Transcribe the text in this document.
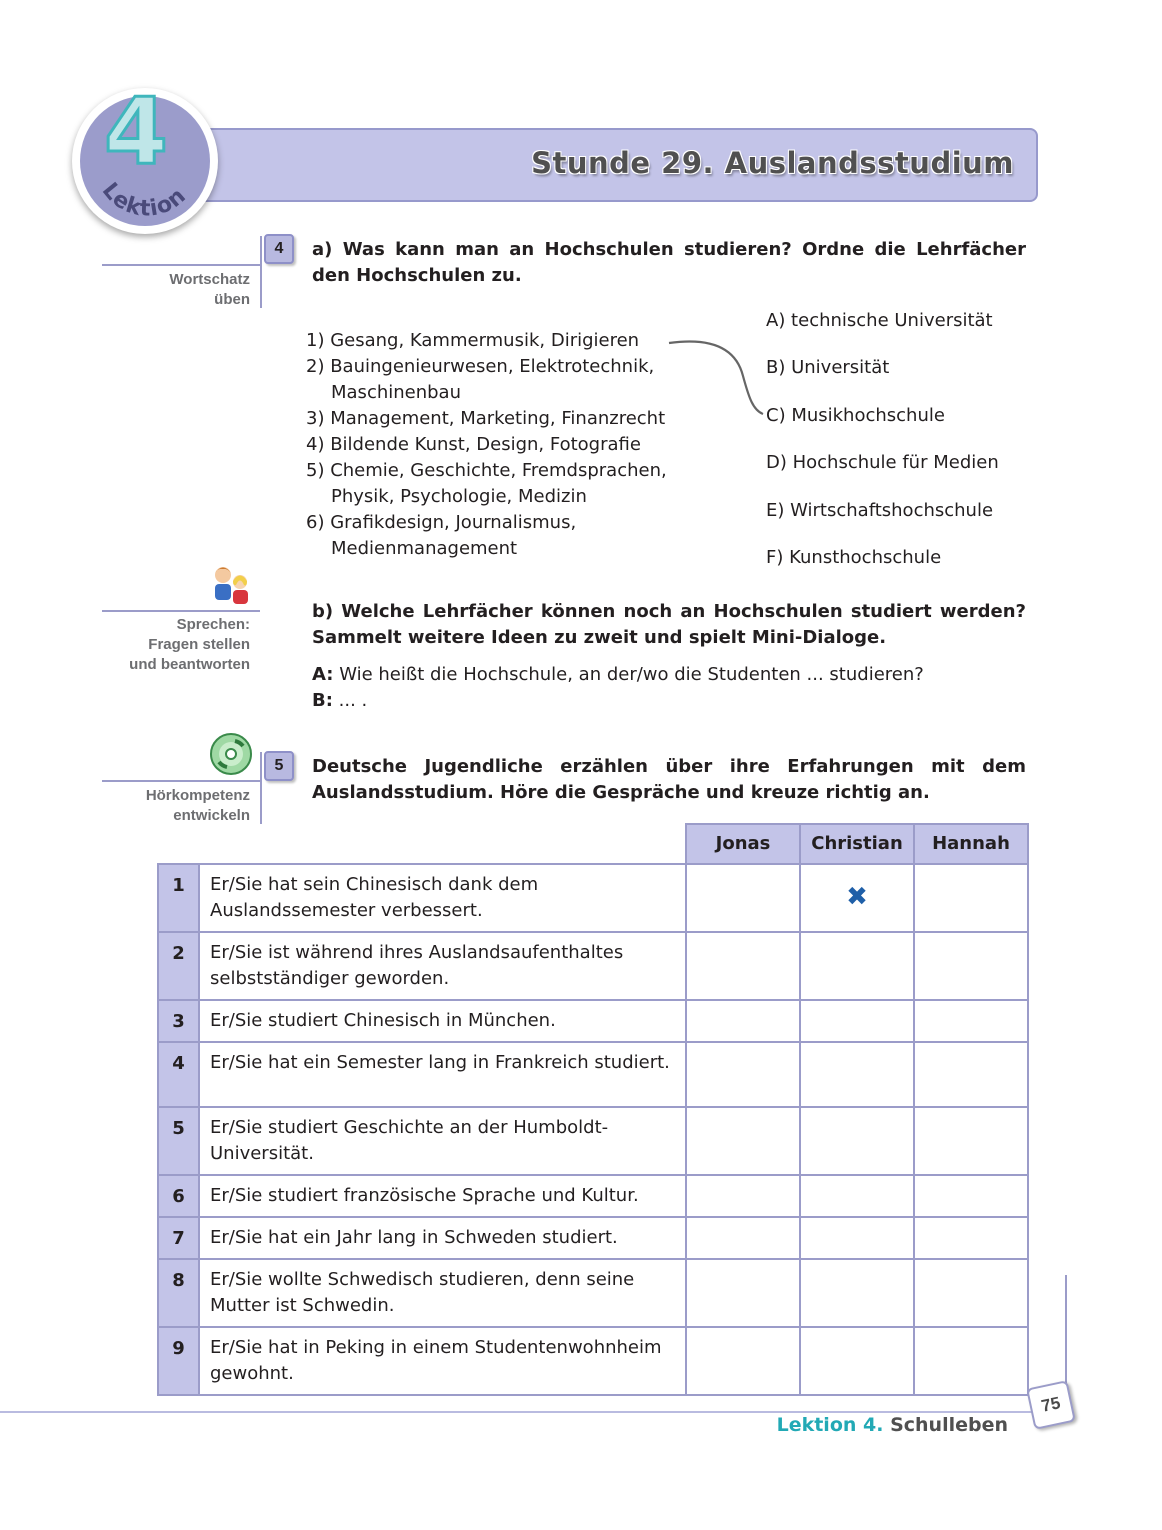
Stunde 29. Auslandsstudium
4
Lektion
4
Wortschatz
üben
a) Was kann man an Hochschulen studieren? Ordne die Lehrfächer den Hochschulen zu.
1) Gesang, Kammermusik, Dirigieren
2) Bauingenieurwesen, Elektrotechnik, Maschinenbau
3) Management, Marketing, Finanzrecht
4) Bildende Kunst, Design, Fotografie
5) Chemie, Geschichte, Fremdsprachen, Physik, Psychologie, Medizin
6) Grafikdesign, Journalismus, Medienmanagement
A) technische Universität
B) Universität
C) Musikhochschule
D) Hochschule für Medien
E) Wirtschaftshochschule
F) Kunsthochschule
Sprechen:
Fragen stellen
und beantworten
b) Welche Lehrfächer können noch an Hochschulen studiert werden? Sammelt weitere Ideen zu zweit und spielt Mini-Dialoge.
A: Wie heißt die Hochschule, an der/wo die Studenten ... studieren?
B: ... .
5
Hörkompetenz
entwickeln
Deutsche Jugendliche erzählen über ihre Erfahrungen mit dem Auslandsstudium. Höre die Gespräche und kreuze richtig an.
		Jonas	Christian	Hannah
1	Er/Sie hat sein Chinesisch dank dem Auslandssemester verbessert.		✖	
2	Er/Sie ist während ihres Auslandsaufenthaltes selbstständiger geworden.			
3	Er/Sie studiert Chinesisch in München.			
4	Er/Sie hat ein Semester lang in Frankreich studiert.			
5	Er/Sie studiert Geschichte an der Humboldt-Universität.			
6	Er/Sie studiert französische Sprache und Kultur.			
7	Er/Sie hat ein Jahr lang in Schweden studiert.			
8	Er/Sie wollte Schwedisch studieren, denn seine Mutter ist Schwedin.			
9	Er/Sie hat in Peking in einem Studentenwohnheim gewohnt.			
75
Lektion 4. Schulleben
